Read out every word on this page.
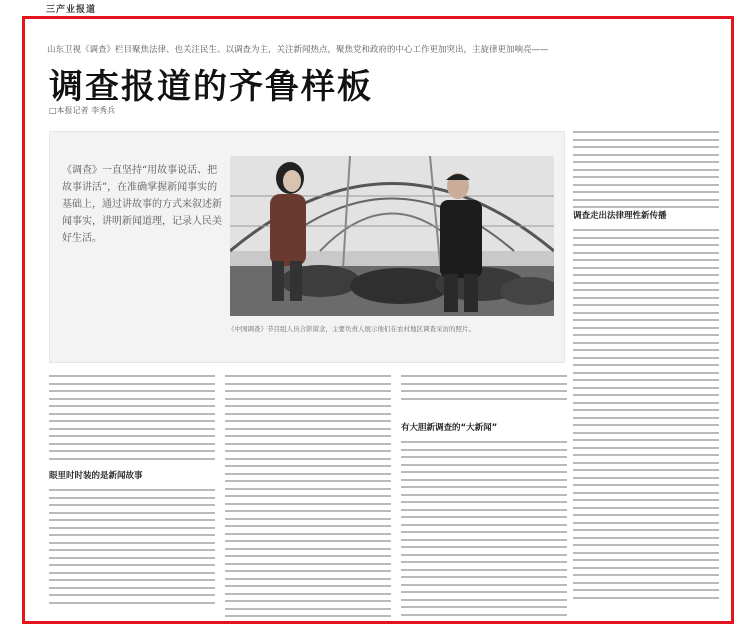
三产业报道
山东卫视《调查》栏目聚焦法律、也关注民生、以调查为主，关注新闻热点，聚焦党和政府的中心工作更加突出，主旋律更加响亮——
调查报道的齐鲁样板
□本报记者 李秀兵

《调查》一直坚持“用故事说话、把故事讲活”，在准确掌握新闻事实的基础上，通过讲故事的方式来叙述新闻事实，讲明新闻道理，记录人民美好生活。

《中国调查》节目组人员合影留念，主要负责人展示他们在农村地区调查采访的照片。
调查走出法律理性新传播
眼里时时装的是新闻故事
有大胆新调查的“大新闻”
